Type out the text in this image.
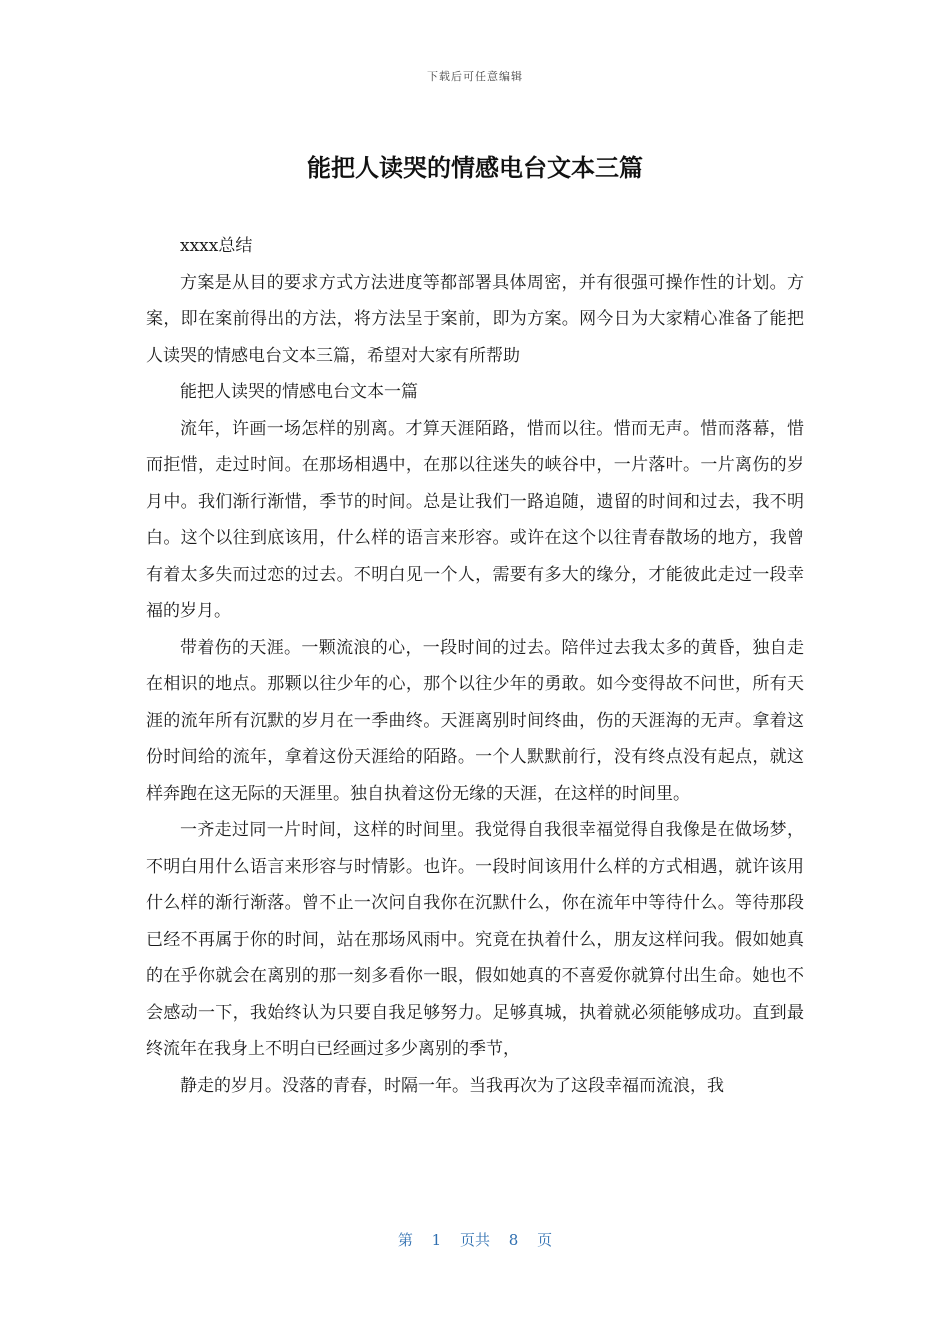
下载后可任意编辑
能把人读哭的情感电台文本三篇

xxxx总结

方案是从目的要求方式方法进度等都部署具体周密，并有很强可操作性的计划。方案，即在案前得出的方法，将方法呈于案前，即为方案。网今日为大家精心准备了能把人读哭的情感电台文本三篇，希望对大家有所帮助

能把人读哭的情感电台文本一篇

流年，许画一场怎样的别离。才算天涯陌路，惜而以往。惜而无声。惜而落幕，惜而拒惜，走过时间。在那场相遇中，在那以往迷失的峡谷中，一片落叶。一片离伤的岁月中。我们渐行渐惜，季节的时间。总是让我们一路追随，遗留的时间和过去，我不明白。这个以往到底该用，什么样的语言来形容。或许在这个以往青春散场的地方，我曾有着太多失而过恋的过去。不明白见一个人，需要有多大的缘分，才能彼此走过一段幸福的岁月。

带着伤的天涯。一颗流浪的心，一段时间的过去。陪伴过去我太多的黄昏，独自走在相识的地点。那颗以往少年的心，那个以往少年的勇敢。如今变得故不问世，所有天涯的流年所有沉默的岁月在一季曲终。天涯离别时间终曲，伤的天涯海的无声。拿着这份时间给的流年，拿着这份天涯给的陌路。一个人默默前行，没有终点没有起点，就这样奔跑在这无际的天涯里。独自执着这份无缘的天涯，在这样的时间里。

一齐走过同一片时间，这样的时间里。我觉得自我很幸福觉得自我像是在做场梦，不明白用什么语言来形容与时情影。也许。一段时间该用什么样的方式相遇，就许该用什么样的渐行渐落。曾不止一次问自我你在沉默什么，你在流年中等待什么。等待那段已经不再属于你的时间，站在那场风雨中。究竟在执着什么，朋友这样问我。假如她真的在乎你就会在离别的那一刻多看你一眼，假如她真的不喜爱你就算付出生命。她也不会感动一下，我始终认为只要自我足够努力。足够真城，执着就必须能够成功。直到最终流年在我身上不明白已经画过多少离别的季节，

静走的岁月。没落的青春，时隔一年。当我再次为了这段幸福而流浪，我

第 1 页共 8 页
